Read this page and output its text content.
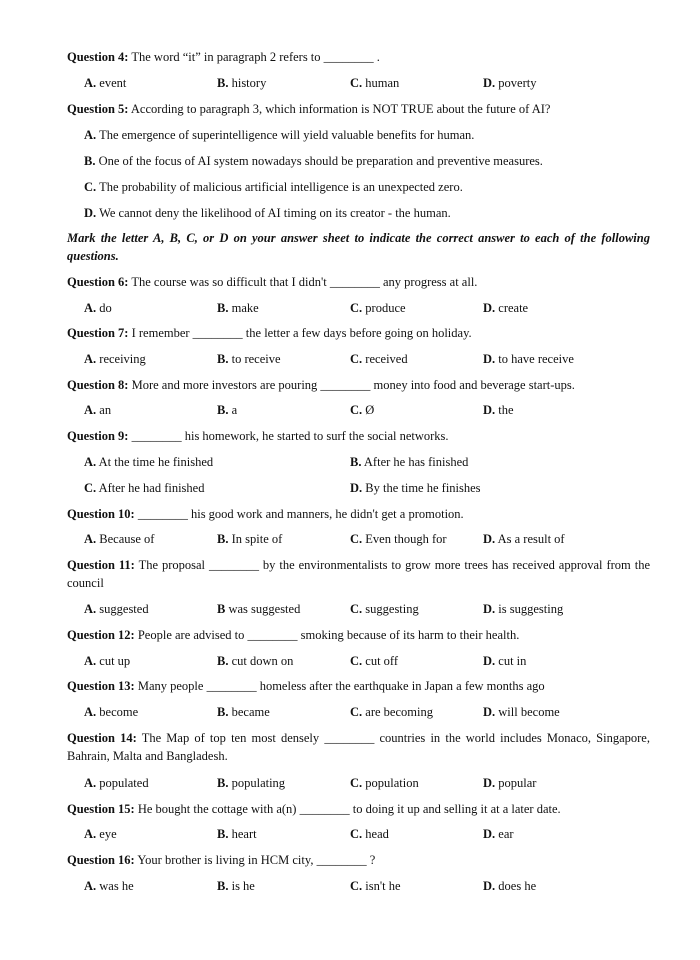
Question 4: The word “it” in paragraph 2 refers to ________ .
A. event	B. history	C. human	D. poverty
Question 5: According to paragraph 3, which information is NOT TRUE about the future of AI?
A. The emergence of superintelligence will yield valuable benefits for human.
B. One of the focus of AI system nowadays should be preparation and preventive measures.
C. The probability of malicious artificial intelligence is an unexpected zero.
D. We cannot deny the likelihood of AI timing on its creator - the human.
Mark the letter A, B, C, or D on your answer sheet to indicate the correct answer to each of the following questions.
Question 6: The course was so difficult that I didn't ________ any progress at all.
A. do	B. make	C. produce	D. create
Question 7: I remember ________ the letter a few days before going on holiday.
A. receiving	B. to receive	C. received	D. to have receive
Question 8: More and more investors are pouring ________ money into food and beverage start-ups.
A. an	B. a	C. Ø	D. the
Question 9: ________ his homework, he started to surf the social networks.
A. At the time he finished	B. After he has finished
C. After he had finished	D. By the time he finishes
Question 10: ________ his good work and manners, he didn't get a promotion.
A. Because of	B. In spite of	C. Even though for	D. As a result of
Question 11: The proposal ________ by the environmentalists to grow more trees has received approval from the council
A. suggested	B was suggested	C. suggesting	D. is suggesting
Question 12: People are advised to ________ smoking because of its harm to their health.
A. cut up	B. cut down on	C. cut off	D. cut in
Question 13: Many people ________ homeless after the earthquake in Japan a few months ago
A. become	B. became	C. are becoming	D. will become
Question 14: The Map of top ten most densely ________ countries in the world includes Monaco, Singapore, Bahrain, Malta and Bangladesh.
A. populated	B. populating	C. population	D. popular
Question 15: He bought the cottage with a(n) ________ to doing it up and selling it at a later date.
A. eye	B. heart	C. head	D. ear
Question 16: Your brother is living in HCM city, ________ ?
A. was he	B. is he	C. isn't he	D. does he
